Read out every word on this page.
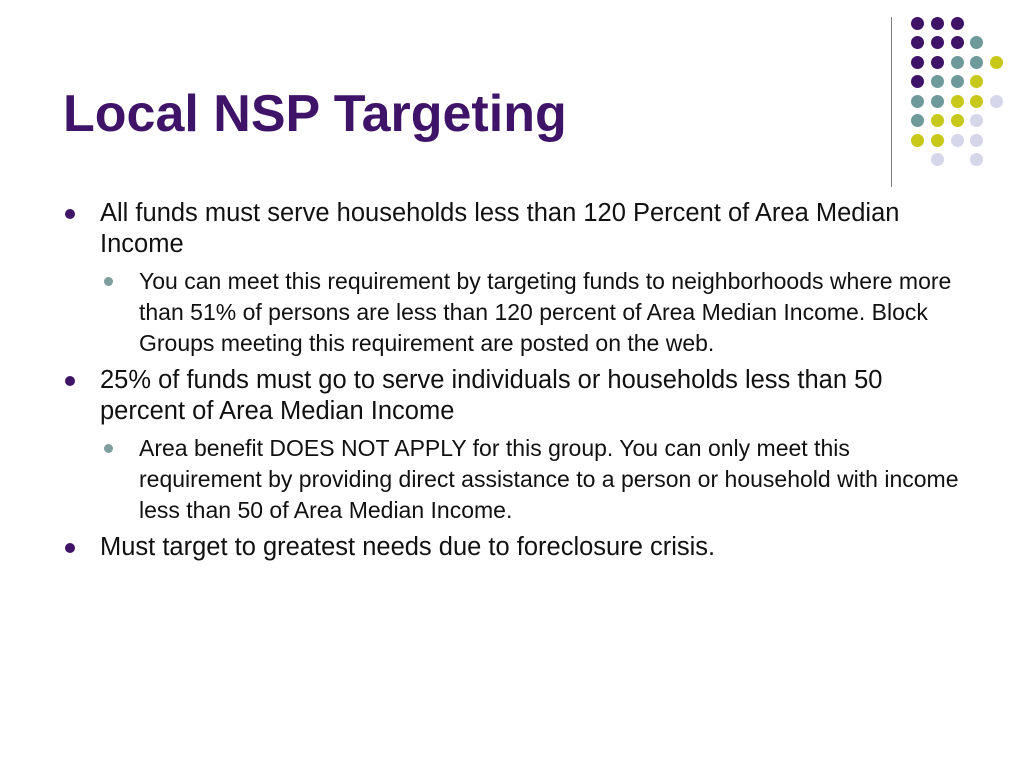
Local NSP Targeting
All funds must serve households less than 120 Percent of Area Median Income
You can meet this requirement by targeting funds to neighborhoods where more than 51% of persons are less than 120 percent of Area Median Income. Block Groups meeting this requirement are posted on the web.
25% of funds must go to serve individuals or households less than 50 percent of Area Median Income
Area benefit DOES NOT APPLY for this group. You can only meet this requirement by providing direct assistance to a person or household with income less than 50 of Area Median Income.
Must target to greatest needs due to foreclosure crisis.
